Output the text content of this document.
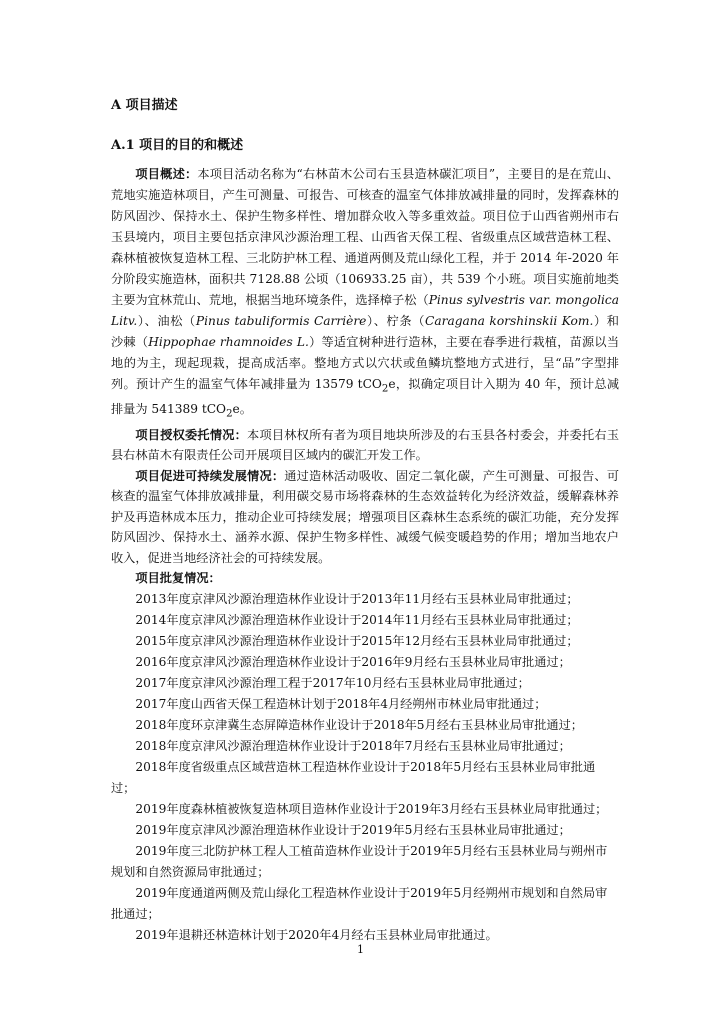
A 项目描述
A.1 项目的目的和概述

项目概述：本项目活动名称为“右林苗木公司右玉县造林碳汇项目”，主要目的是在荒山、荒地实施造林项目，产生可测量、可报告、可核查的温室气体排放减排量的同时，发挥森林的防风固沙、保持水土、保护生物多样性、增加群众收入等多重效益。项目位于山西省朔州市右玉县境内，项目主要包括京津风沙源治理工程、山西省天保工程、省级重点区域营造林工程、森林植被恢复造林工程、三北防护林工程、通道两侧及荒山绿化工程，并于 2014 年-2020 年分阶段实施造林，面积共 7128.88 公顷（106933.25 亩），共 539 个小班。项目实施前地类主要为宜林荒山、荒地，根据当地环境条件，选择樟子松（Pinus sylvestris var. mongolica Litv.）、油松（Pinus tabuliformis Carrière）、柠条（Caragana korshinskii Kom.）和沙棘（Hippophae rhamnoides L.）等适宜树种进行造林，主要在春季进行栽植，苗源以当地的为主，现起现栽，提高成活率。整地方式以穴状或鱼鳞坑整地方式进行，呈“品”字型排列。预计产生的温室气体年减排量为 13579 tCO$_2$e，拟确定项目计入期为 40 年，预计总减排量为 541389 tCO$_2$e。

项目授权委托情况：本项目林权所有者为项目地块所涉及的右玉县各村委会，并委托右玉县右林苗木有限责任公司开展项目区域内的碳汇开发工作。

项目促进可持续发展情况：通过造林活动吸收、固定二氧化碳，产生可测量、可报告、可核查的温室气体排放减排量，利用碳交易市场将森林的生态效益转化为经济效益，缓解森林养护及再造林成本压力，推动企业可持续发展；增强项目区森林生态系统的碳汇功能，充分发挥防风固沙、保持水土、涵养水源、保护生物多样性、减缓气候变暖趋势的作用；增加当地农户收入，促进当地经济社会的可持续发展。

项目批复情况：

2013年度京津风沙源治理造林作业设计于2013年11月经右玉县林业局审批通过；
2014年度京津风沙源治理造林作业设计于2014年11月经右玉县林业局审批通过；
2015年度京津风沙源治理造林作业设计于2015年12月经右玉县林业局审批通过；
2016年度京津风沙源治理造林作业设计于2016年9月经右玉县林业局审批通过；
2017年度京津风沙源治理工程于2017年10月经右玉县林业局审批通过；
2017年度山西省天保工程造林计划于2018年4月经朔州市林业局审批通过；
2018年度环京津冀生态屏障造林作业设计于2018年5月经右玉县林业局审批通过；
2018年度京津风沙源治理造林作业设计于2018年7月经右玉县林业局审批通过；
2018年度省级重点区域营造林工程造林作业设计于2018年5月经右玉县林业局审批通过；
2019年度森林植被恢复造林项目造林作业设计于2019年3月经右玉县林业局审批通过；
2019年度京津风沙源治理造林作业设计于2019年5月经右玉县林业局审批通过；
2019年度三北防护林工程人工植苗造林作业设计于2019年5月经右玉县林业局与朔州市规划和自然资源局审批通过；
2019年度通道两侧及荒山绿化工程造林作业设计于2019年5月经朔州市规划和自然局审批通过；
2019年退耕还林造林计划于2020年4月经右玉县林业局审批通过。
1
